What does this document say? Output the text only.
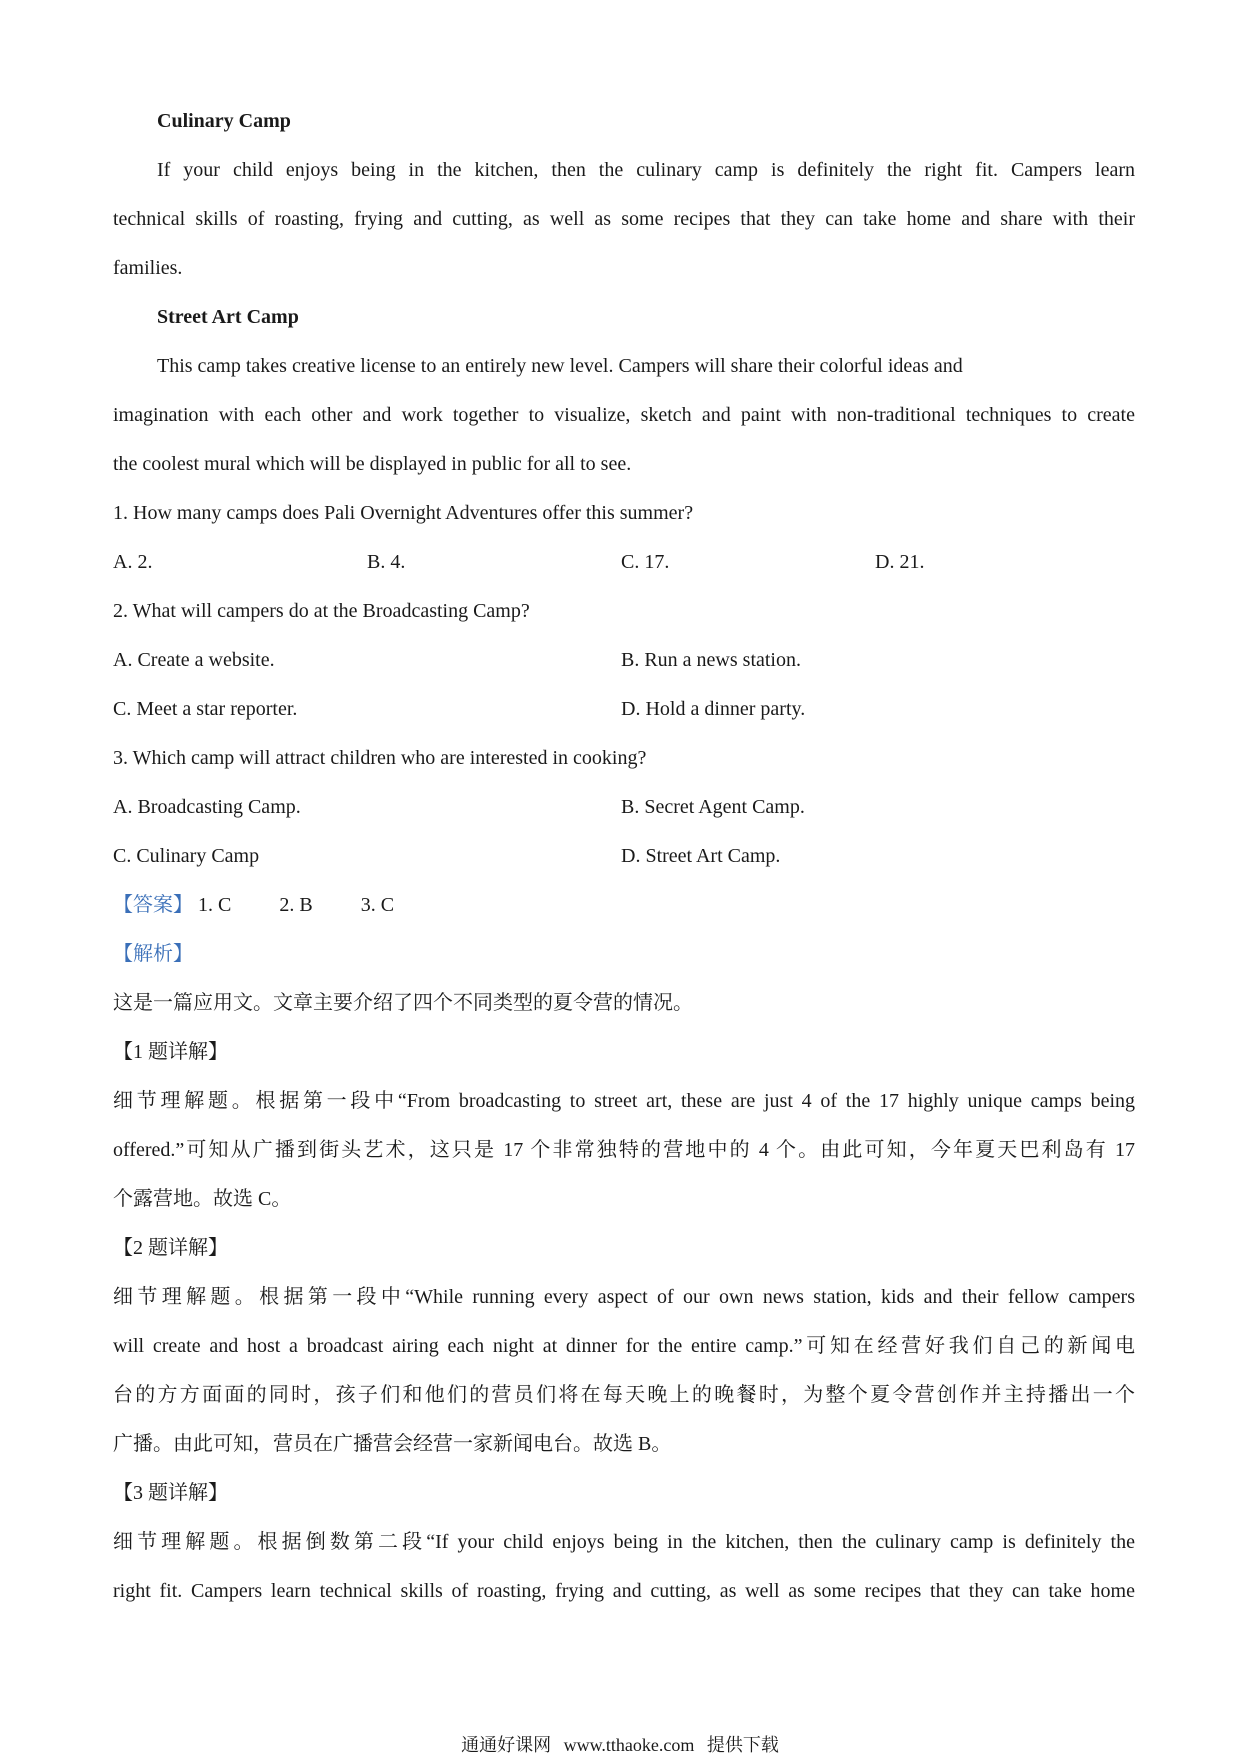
Culinary Camp
If your child enjoys being in the kitchen, then the culinary camp is definitely the right fit. Campers learn
technical skills of roasting, frying and cutting, as well as some recipes that they can take home and share with their
families.
Street Art Camp
This camp takes creative license to an entirely new level. Campers will share their colorful ideas and
imagination with each other and work together to visualize, sketch and paint with non-traditional techniques to create
the coolest mural which will be displayed in public for all to see.
1. How many camps does Pali Overnight Adventures offer this summer?
A. 2.	B. 4.	C. 17.	D. 21.
2. What will campers do at the Broadcasting Camp?
A. Create a website.	B. Run a news station.
C. Meet a star reporter.	D. Hold a dinner party.
3. Which camp will attract children who are interested in cooking?
A. Broadcasting Camp.	B. Secret Agent Camp.
C. Culinary Camp	D. Street Art Camp.
【答案】 1. C 2. B 3. C
【解析】
这是一篇应用文。文章主要介绍了四个不同类型的夏令营的情况。
【1 题详解】
细节理解题。根据第一段中“From broadcasting to street art, these are just 4 of the 17 highly unique camps being
offered.”可知从广播到街头艺术，这只是 17 个非常独特的营地中的 4 个。由此可知，今年夏天巴利岛有 17
个露营地。故选 C。
【2 题详解】
细节理解题。根据第一段中“While running every aspect of our own news station, kids and their fellow campers
will create and host a broadcast airing each night at dinner for the entire camp.”可知在经营好我们自己的新闻电
台的方方面面的同时，孩子们和他们的营员们将在每天晚上的晚餐时，为整个夏令营创作并主持播出一个
广播。由此可知，营员在广播营会经营一家新闻电台。故选 B。
【3 题详解】
细节理解题。根据倒数第二段“If your child enjoys being in the kitchen, then the culinary camp is definitely the
right fit. Campers learn technical skills of roasting, frying and cutting, as well as some recipes that they can take home
通通好课网 www.tthaoke.com 提供下载
